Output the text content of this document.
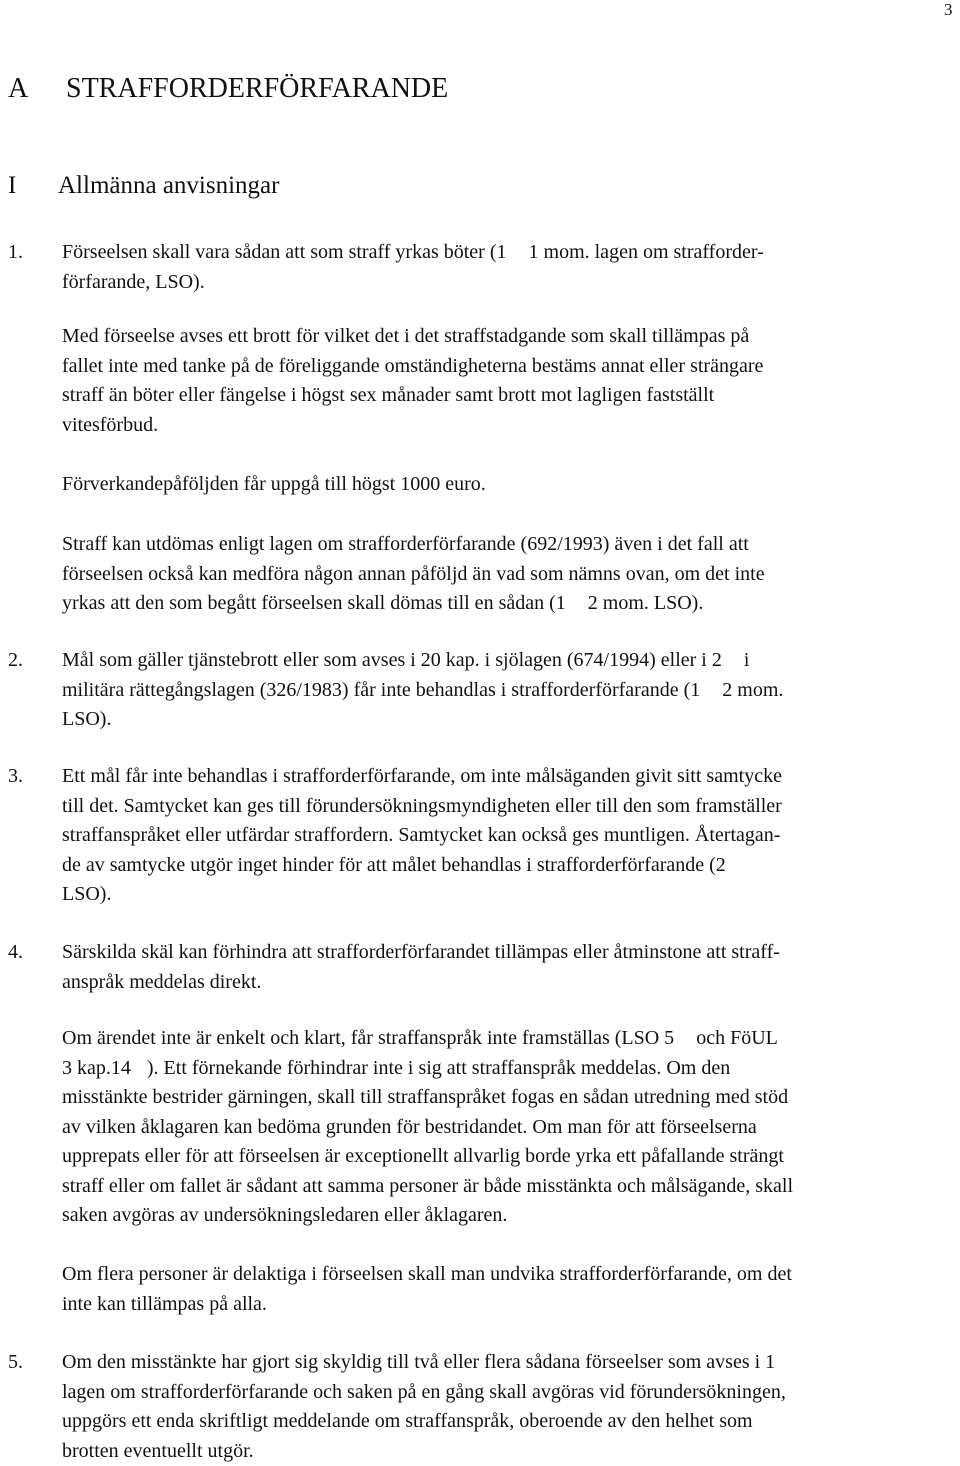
3
A STRAFFORDERFÖRFARANDE
I Allmänna anvisningar
1. Förseelsen skall vara sådan att som straff yrkas böter (1 1 mom. lagen om strafforder-
förfarande, LSO).
Med förseelse avses ett brott för vilket det i det straffstadgande som skall tillämpas på
fallet inte med tanke på de föreliggande omständigheterna bestäms annat eller strängare
straff än böter eller fängelse i högst sex månader samt brott mot lagligen fastställt
vitesförbud.
Förverkandepåföljden får uppgå till högst 1000 euro.
Straff kan utdömas enligt lagen om strafforderförfarande (692/1993) även i det fall att
förseelsen också kan medföra någon annan påföljd än vad som nämns ovan, om det inte
yrkas att den som begått förseelsen skall dömas till en sådan (1 2 mom. LSO).
2. Mål som gäller tjänstebrott eller som avses i 20 kap. i sjölagen (674/1994) eller i 2 i
militära rättegångslagen (326/1983) får inte behandlas i strafforderförfarande (1 2 mom.
LSO).
3. Ett mål får inte behandlas i strafforderförfarande, om inte målsäganden givit sitt samtycke
till det. Samtycket kan ges till förundersökningsmyndigheten eller till den som framställer
straffanspråket eller utfärdar straffordern. Samtycket kan också ges muntligen. Återtagan-
de av samtycke utgör inget hinder för att målet behandlas i strafforderförfarande (2
LSO).
4. Särskilda skäl kan förhindra att strafforderförfarandet tillämpas eller åtminstone att straff-
anspråk meddelas direkt.
Om ärendet inte är enkelt och klart, får straffanspråk inte framställas (LSO 5 och FöUL
3 kap.14 ). Ett förnekande förhindrar inte i sig att straffanspråk meddelas. Om den
misstänkte bestrider gärningen, skall till straffanspråket fogas en sådan utredning med stöd
av vilken åklagaren kan bedöma grunden för bestridandet. Om man för att förseelserna
upprepats eller för att förseelsen är exceptionellt allvarlig borde yrka ett påfallande strängt
straff eller om fallet är sådant att samma personer är både misstänkta och målsägande, skall
saken avgöras av undersökningsledaren eller åklagaren.
Om flera personer är delaktiga i förseelsen skall man undvika strafforderförfarande, om det
inte kan tillämpas på alla.
5. Om den misstänkte har gjort sig skyldig till två eller flera sådana förseelser som avses i 1
lagen om strafforderförfarande och saken på en gång skall avgöras vid förundersökningen,
uppgörs ett enda skriftligt meddelande om straffanspråk, oberoende av den helhet som
brotten eventuellt utgör.
